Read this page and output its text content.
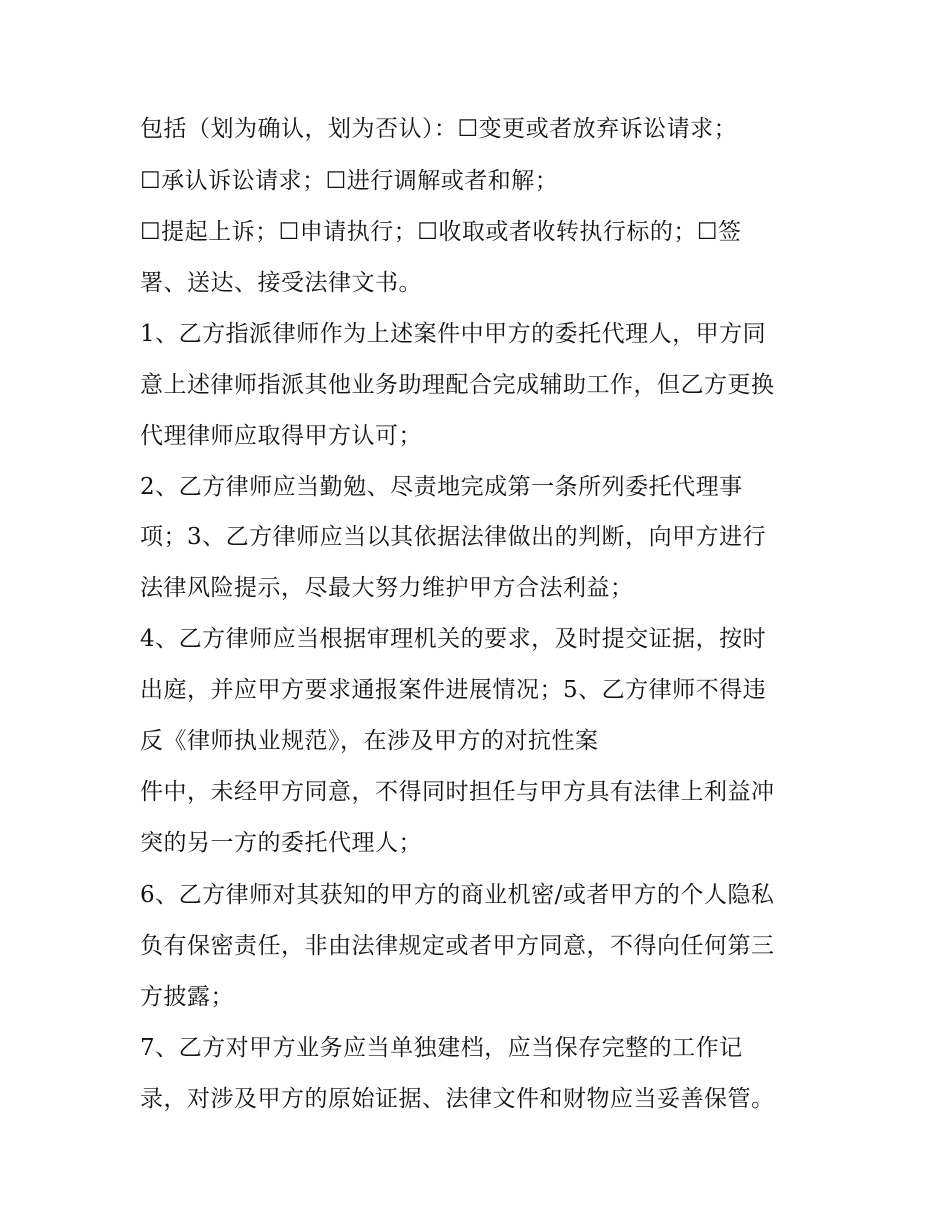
包括（划为确认，划为否认）：☐变更或者放弃诉讼请求；

☐承认诉讼请求；☐进行调解或者和解；

☐提起上诉；☐申请执行；☐收取或者收转执行标的；☐签

署、送达、接受法律文书。

1、乙方指派律师作为上述案件中甲方的委托代理人，甲方同

意上述律师指派其他业务助理配合完成辅助工作，但乙方更换

代理律师应取得甲方认可；

2、乙方律师应当勤勉、尽责地完成第一条所列委托代理事

项；3、乙方律师应当以其依据法律做出的判断，向甲方进行

法律风险提示，尽最大努力维护甲方合法利益；

4、乙方律师应当根据审理机关的要求，及时提交证据，按时

出庭，并应甲方要求通报案件进展情况；5、乙方律师不得违

反《律师执业规范》，在涉及甲方的对抗性案

件中，未经甲方同意，不得同时担任与甲方具有法律上利益冲

突的另一方的委托代理人；

6、乙方律师对其获知的甲方的商业机密/或者甲方的个人隐私

负有保密责任，非由法律规定或者甲方同意，不得向任何第三

方披露；

7、乙方对甲方业务应当单独建档，应当保存完整的工作记

录，对涉及甲方的原始证据、法律文件和财物应当妥善保管。
